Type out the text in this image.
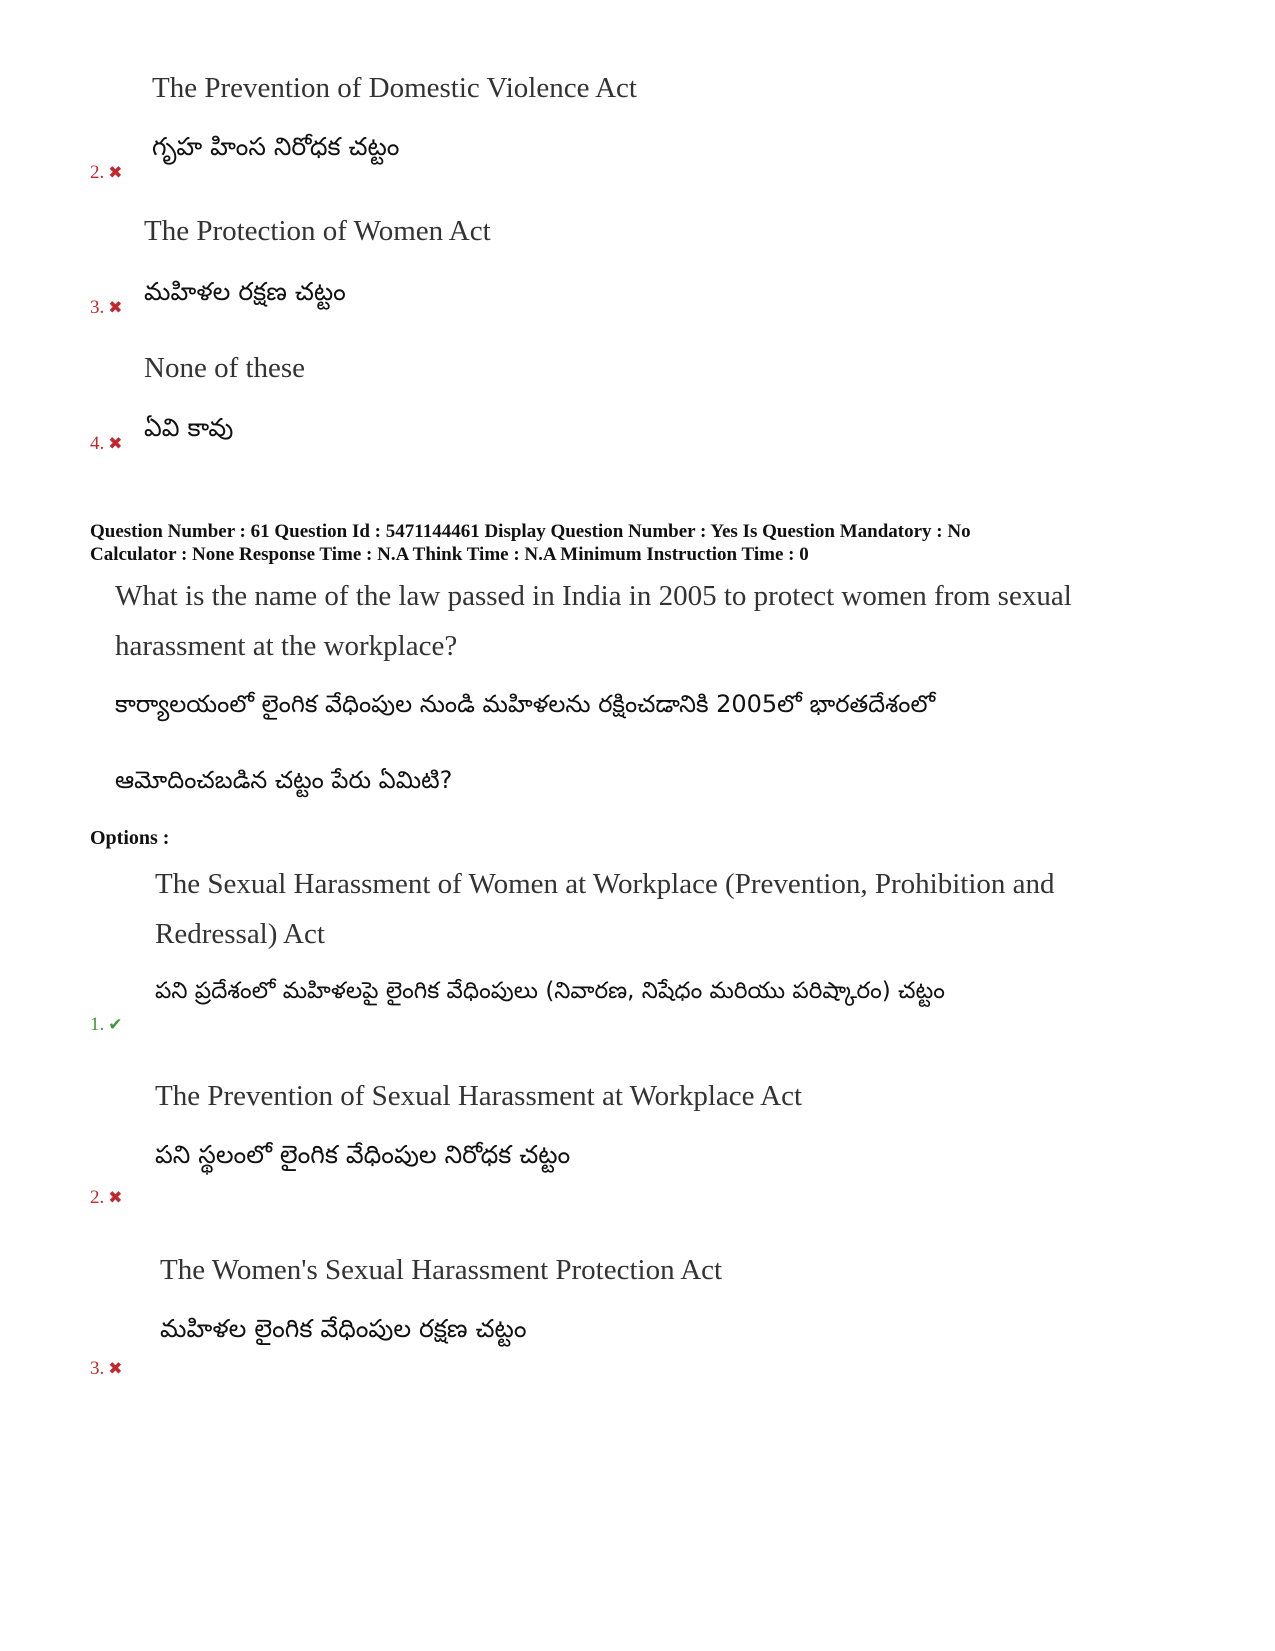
The Prevention of Domestic Violence Act
గృహ హింస నిరోధక చట్టం
2. ✖
The Protection of Women Act
మహిళల రక్షణ చట్టం
3. ✖
None of these
ఏవి కావు
4. ✖
Question Number : 61 Question Id : 5471144461 Display Question Number : Yes Is Question Mandatory : No
Calculator : None Response Time : N.A Think Time : N.A Minimum Instruction Time : 0
What is the name of the law passed in India in 2005 to protect women from sexual
harassment at the workplace?
కార్యాలయంలో లైంగిక వేధింపుల నుండి మహిళలను రక్షించడానికి 2005లో భారతదేశంలో
ఆమోదించబడిన చట్టం పేరు ఏమిటి?
Options :
The Sexual Harassment of Women at Workplace (Prevention, Prohibition and
Redressal) Act
పని ప్రదేశంలో మహిళలపై లైంగిక వేధింపులు (నివారణ, నిషేధం మరియు పరిష్కారం) చట్టం
1. ✔
The Prevention of Sexual Harassment at Workplace Act
పని స్థలంలో లైంగిక వేధింపుల నిరోధక చట్టం
2. ✖
The Women's Sexual Harassment Protection Act
మహిళల లైంగిక వేధింపుల రక్షణ చట్టం
3. ✖
